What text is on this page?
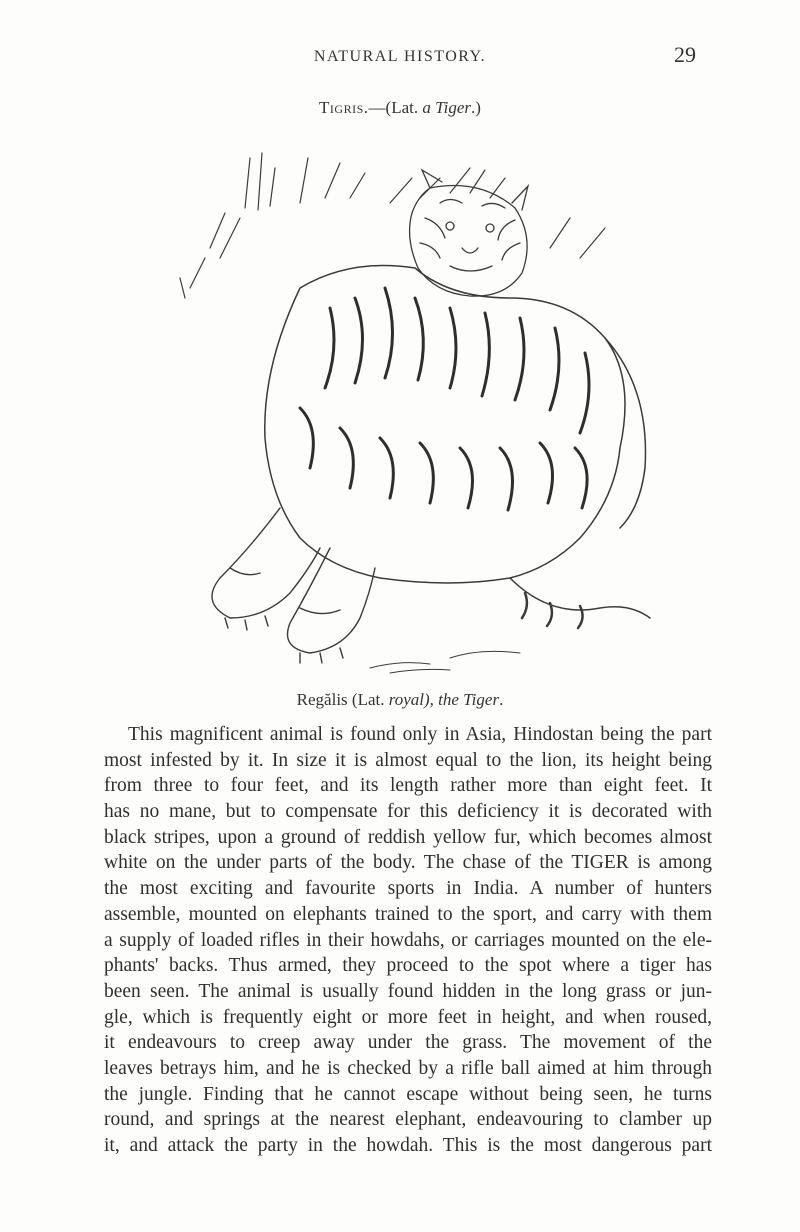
NATURAL HISTORY.	29
Tigris.—(Lat. a Tiger.)
Regălis (Lat. royal), the Tiger.
This magnificent animal is found only in Asia, Hindostan being the part
most infested by it. In size it is almost equal to the lion, its height being
from three to four feet, and its length rather more than eight feet. It
has no mane, but to compensate for this deficiency it is decorated with
black stripes, upon a ground of reddish yellow fur, which becomes almost
white on the under parts of the body. The chase of the TIGER is among
the most exciting and favourite sports in India. A number of hunters
assemble, mounted on elephants trained to the sport, and carry with them
a supply of loaded rifles in their howdahs, or carriages mounted on the ele-
phants' backs. Thus armed, they proceed to the spot where a tiger has
been seen. The animal is usually found hidden in the long grass or jun-
gle, which is frequently eight or more feet in height, and when roused,
it endeavours to creep away under the grass. The movement of the
leaves betrays him, and he is checked by a rifle ball aimed at him through
the jungle. Finding that he cannot escape without being seen, he turns
round, and springs at the nearest elephant, endeavouring to clamber up
it, and attack the party in the howdah. This is the most dangerous part
